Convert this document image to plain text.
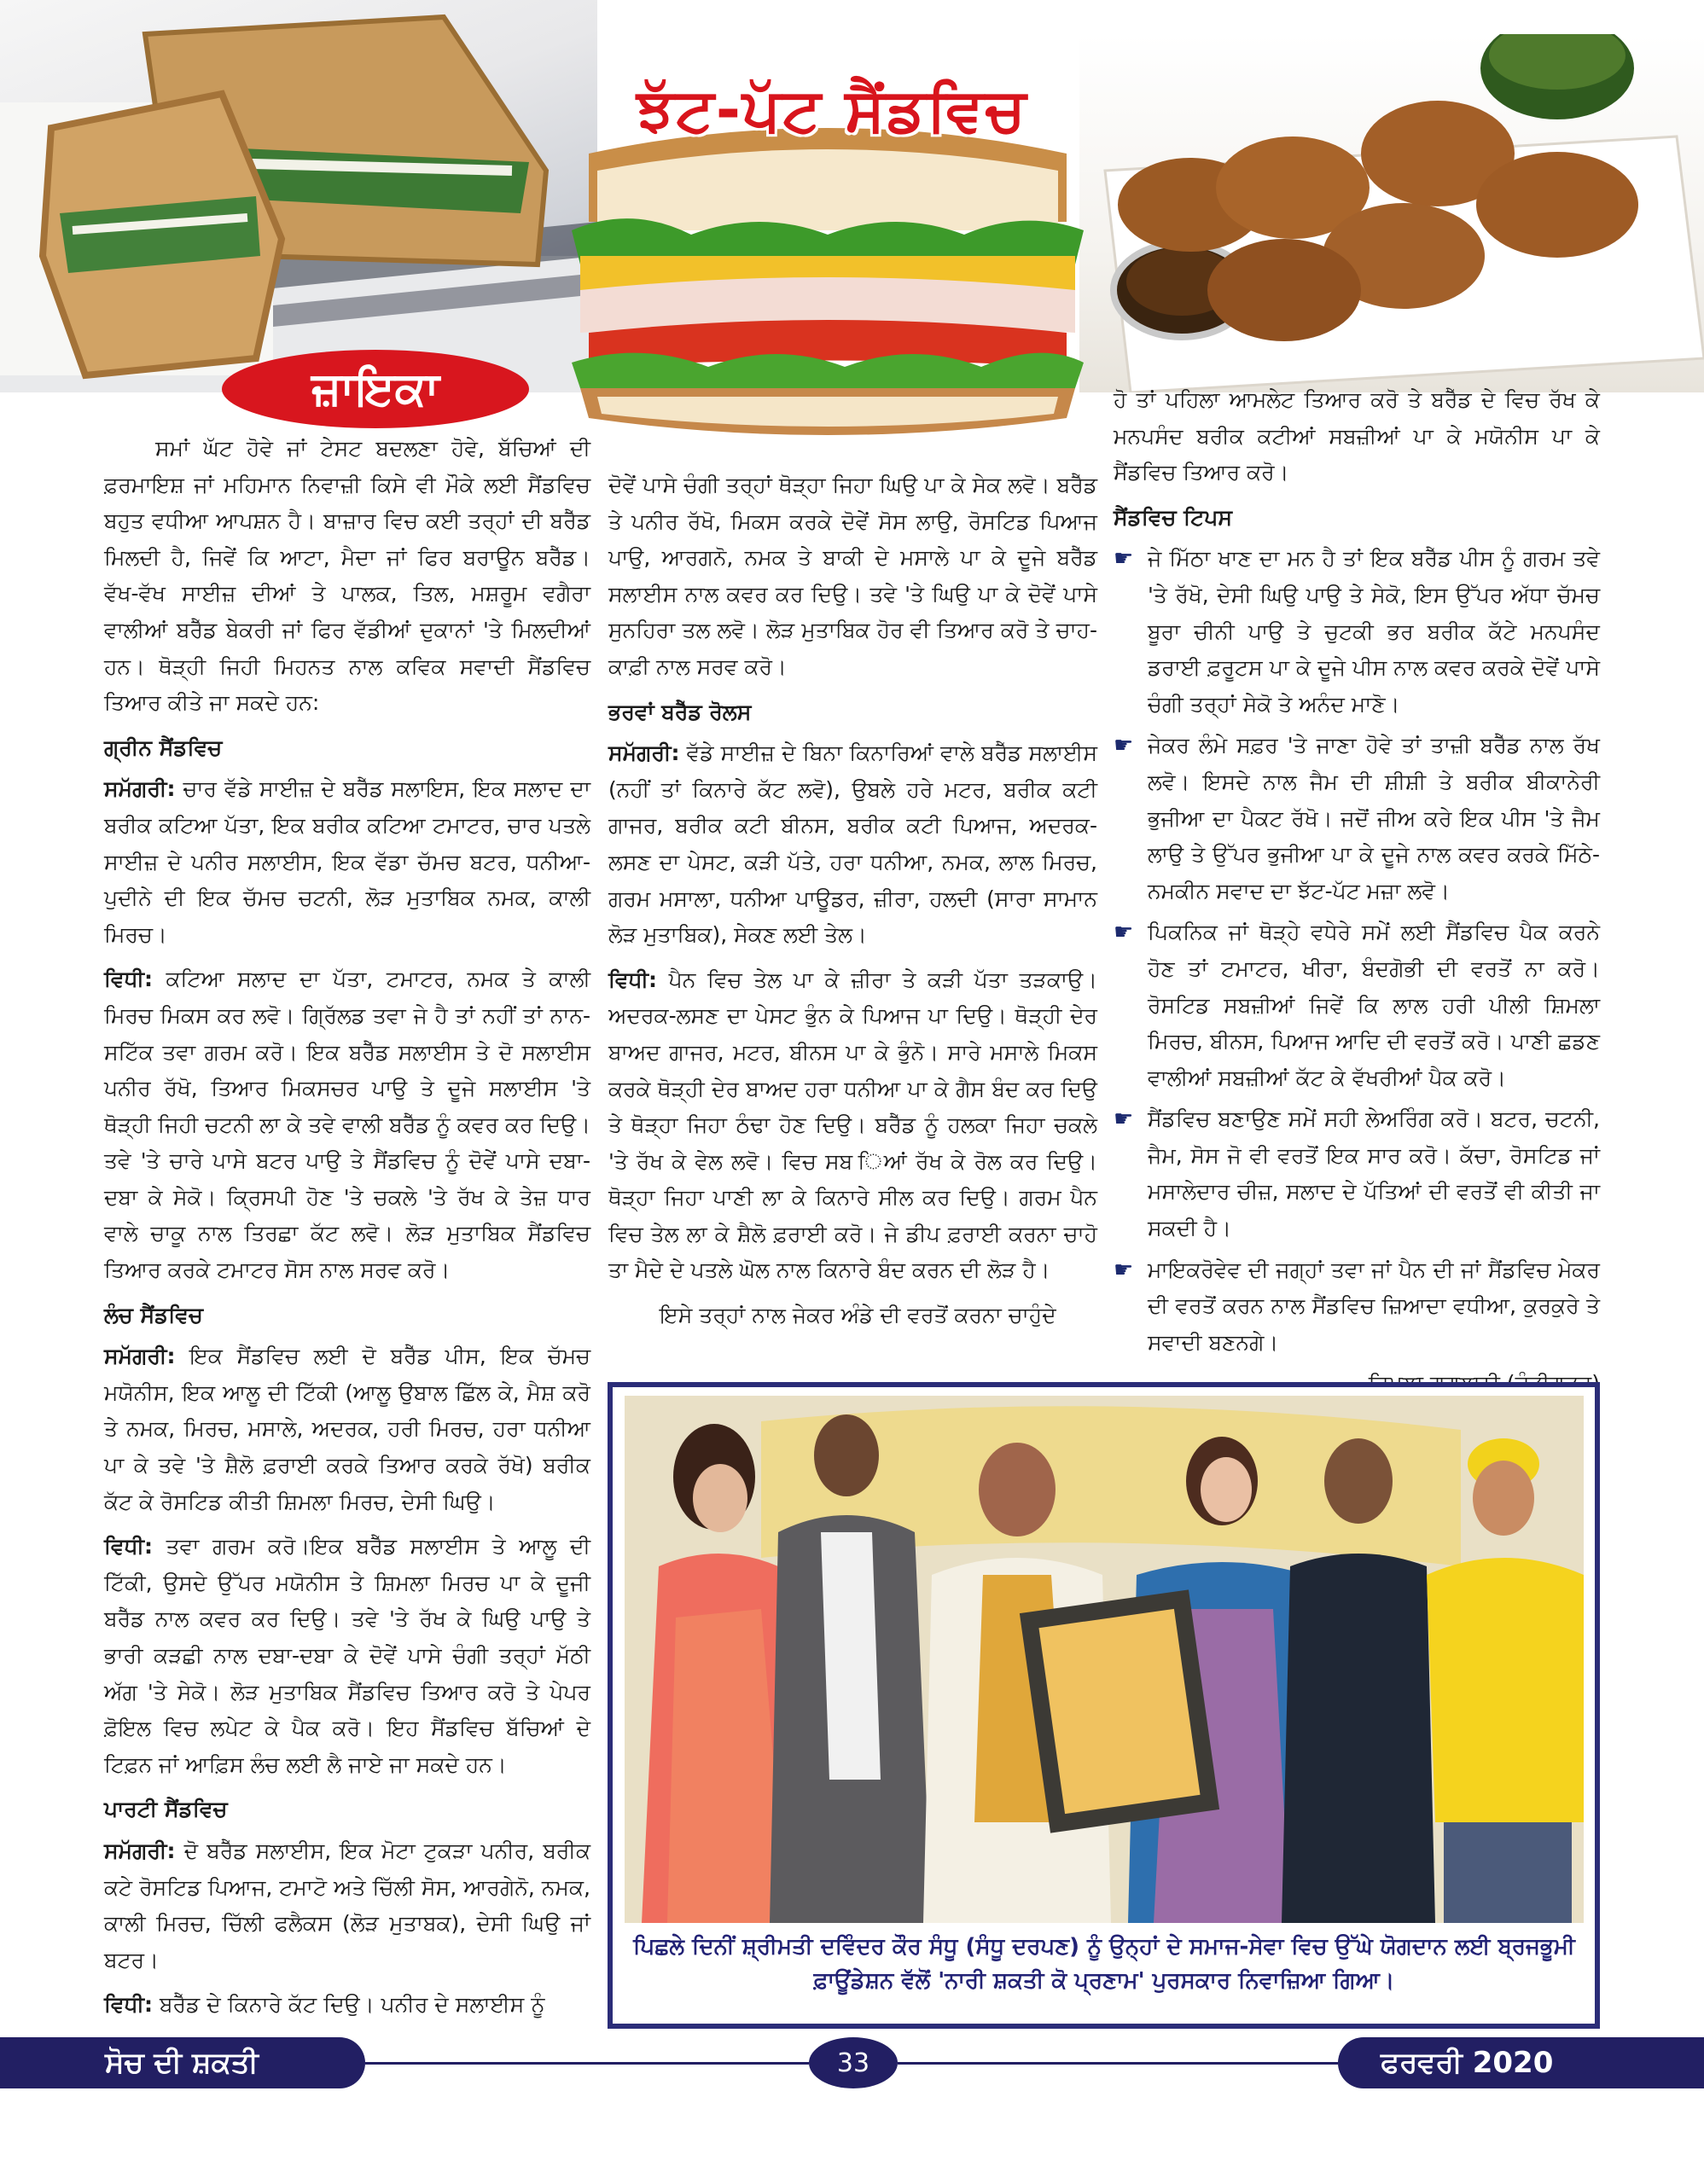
ਝੱਟ-ਪੱਟ ਸੈਂਡਵਿਚ
ਜ਼ਾਇਕਾ

ਸਮਾਂ ਘੱਟ ਹੋਵੇ ਜਾਂ ਟੇਸਟ ਬਦਲਣਾ ਹੋਵੇ, ਬੱਚਿਆਂ ਦੀ ਫ਼ਰਮਾਇਸ਼ ਜਾਂ ਮਹਿਮਾਨ ਨਿਵਾਜ਼ੀ ਕਿਸੇ ਵੀ ਮੌਕੇ ਲਈ ਸੈਂਡਵਿਚ ਬਹੁਤ ਵਧੀਆ ਆਪਸ਼ਨ ਹੈ। ਬਾਜ਼ਾਰ ਵਿਚ ਕਈ ਤਰ੍ਹਾਂ ਦੀ ਬਰੈੱਡ ਮਿਲਦੀ ਹੈ, ਜਿਵੇਂ ਕਿ ਆਟਾ, ਮੈਦਾ ਜਾਂ ਫਿਰ ਬਰਾਊਨ ਬਰੈੱਡ। ਵੱਖ-ਵੱਖ ਸਾਈਜ਼ ਦੀਆਂ ਤੇ ਪਾਲਕ, ਤਿਲ, ਮਸ਼ਰੂਮ ਵਗੈਰਾ ਵਾਲੀਆਂ ਬਰੈੱਡ ਬੇਕਰੀ ਜਾਂ ਫਿਰ ਵੱਡੀਆਂ ਦੁਕਾਨਾਂ 'ਤੇ ਮਿਲਦੀਆਂ ਹਨ। ਥੋੜ੍ਹੀ ਜਿਹੀ ਮਿਹਨਤ ਨਾਲ ਕਵਿਕ ਸਵਾਦੀ ਸੈਂਡਵਿਚ ਤਿਆਰ ਕੀਤੇ ਜਾ ਸਕਦੇ ਹਨ:

ਗ੍ਰੀਨ ਸੈਂਡਵਿਚ

ਸਮੱਗਰੀ: ਚਾਰ ਵੱਡੇ ਸਾਈਜ਼ ਦੇ ਬਰੈੱਡ ਸਲਾਇਸ, ਇਕ ਸਲਾਦ ਦਾ ਬਰੀਕ ਕਟਿਆ ਪੱਤਾ, ਇਕ ਬਰੀਕ ਕਟਿਆ ਟਮਾਟਰ, ਚਾਰ ਪਤਲੇ ਸਾਈਜ਼ ਦੇ ਪਨੀਰ ਸਲਾਈਸ, ਇਕ ਵੱਡਾ ਚੱਮਚ ਬਟਰ, ਧਨੀਆ-ਪੁਦੀਨੇ ਦੀ ਇਕ ਚੱਮਚ ਚਟਨੀ, ਲੋੜ ਮੁਤਾਬਿਕ ਨਮਕ, ਕਾਲੀ ਮਿਰਚ।

ਵਿਧੀ: ਕਟਿਆ ਸਲਾਦ ਦਾ ਪੱਤਾ, ਟਮਾਟਰ, ਨਮਕ ਤੇ ਕਾਲੀ ਮਿਰਚ ਮਿਕਸ ਕਰ ਲਵੋ। ਗ੍ਰਿੱਲਡ ਤਵਾ ਜੇ ਹੈ ਤਾਂ ਨਹੀਂ ਤਾਂ ਨਾਨ-ਸਟਿੱਕ ਤਵਾ ਗਰਮ ਕਰੋ। ਇਕ ਬਰੈੱਡ ਸਲਾਈਸ ਤੇ ਦੋ ਸਲਾਈਸ ਪਨੀਰ ਰੱਖੋ, ਤਿਆਰ ਮਿਕਸਚਰ ਪਾਉ ਤੇ ਦੂਜੇ ਸਲਾਈਸ 'ਤੇ ਥੋੜ੍ਹੀ ਜਿਹੀ ਚਟਨੀ ਲਾ ਕੇ ਤਵੇ ਵਾਲੀ ਬਰੈੱਡ ਨੂੰ ਕਵਰ ਕਰ ਦਿਉ। ਤਵੇ 'ਤੇ ਚਾਰੇ ਪਾਸੇ ਬਟਰ ਪਾਉ ਤੇ ਸੈਂਡਵਿਚ ਨੂੰ ਦੋਵੇਂ ਪਾਸੇ ਦਬਾ-ਦਬਾ ਕੇ ਸੇਕੋ। ਕ੍ਰਿਸਪੀ ਹੋਣ 'ਤੇ ਚਕਲੇ 'ਤੇ ਰੱਖ ਕੇ ਤੇਜ਼ ਧਾਰ ਵਾਲੇ ਚਾਕੂ ਨਾਲ ਤਿਰਛਾ ਕੱਟ ਲਵੋ। ਲੋੜ ਮੁਤਾਬਿਕ ਸੈਂਡਵਿਚ ਤਿਆਰ ਕਰਕੇ ਟਮਾਟਰ ਸੋਸ ਨਾਲ ਸਰਵ ਕਰੋ।

ਲੰਚ ਸੈਂਡਵਿਚ

ਸਮੱਗਰੀ: ਇਕ ਸੈਂਡਵਿਚ ਲਈ ਦੋ ਬਰੈੱਡ ਪੀਸ, ਇਕ ਚੱਮਚ ਮਯੋਨੀਸ, ਇਕ ਆਲੂ ਦੀ ਟਿੱਕੀ (ਆਲੂ ਉਬਾਲ ਛਿੱਲ ਕੇ, ਮੈਸ਼ ਕਰੋ ਤੇ ਨਮਕ, ਮਿਰਚ, ਮਸਾਲੇ, ਅਦਰਕ, ਹਰੀ ਮਿਰਚ, ਹਰਾ ਧਨੀਆ ਪਾ ਕੇ ਤਵੇ 'ਤੇ ਸ਼ੈਲੋ ਫ਼ਰਾਈ ਕਰਕੇ ਤਿਆਰ ਕਰਕੇ ਰੱਖੋ) ਬਰੀਕ ਕੱਟ ਕੇ ਰੋਸਟਿਡ ਕੀਤੀ ਸ਼ਿਮਲਾ ਮਿਰਚ, ਦੇਸੀ ਘਿਉ।

ਵਿਧੀ: ਤਵਾ ਗਰਮ ਕਰੋ।ਇਕ ਬਰੈੱਡ ਸਲਾਈਸ ਤੇ ਆਲੂ ਦੀ ਟਿੱਕੀ, ਉਸਦੇ ਉੱਪਰ ਮਯੋਨੀਸ ਤੇ ਸ਼ਿਮਲਾ ਮਿਰਚ ਪਾ ਕੇ ਦੂਜੀ ਬਰੈੱਡ ਨਾਲ ਕਵਰ ਕਰ ਦਿਉ। ਤਵੇ 'ਤੇ ਰੱਖ ਕੇ ਘਿਉ ਪਾਉ ਤੇ ਭਾਰੀ ਕੜਛੀ ਨਾਲ ਦਬਾ-ਦਬਾ ਕੇ ਦੋਵੇਂ ਪਾਸੇ ਚੰਗੀ ਤਰ੍ਹਾਂ ਮੱਠੀ ਅੱਗ 'ਤੇ ਸੇਕੋ। ਲੋੜ ਮੁਤਾਬਿਕ ਸੈਂਡਵਿਚ ਤਿਆਰ ਕਰੋ ਤੇ ਪੇਪਰ ਫ਼ੋਇਲ ਵਿਚ ਲਪੇਟ ਕੇ ਪੈਕ ਕਰੋ। ਇਹ ਸੈਂਡਵਿਚ ਬੱਚਿਆਂ ਦੇ ਟਿਫ਼ਨ ਜਾਂ ਆਫ਼ਿਸ ਲੰਚ ਲਈ ਲੈ ਜਾਏ ਜਾ ਸਕਦੇ ਹਨ।

ਪਾਰਟੀ ਸੈਂਡਵਿਚ

ਸਮੱਗਰੀ: ਦੋ ਬਰੈੱਡ ਸਲਾਈਸ, ਇਕ ਮੋਟਾ ਟੁਕੜਾ ਪਨੀਰ, ਬਰੀਕ ਕਟੇ ਰੋਸਟਿਡ ਪਿਆਜ, ਟਮਾਟੋ ਅਤੇ ਚਿੱਲੀ ਸੋਸ, ਆਰਗੇਨੋ, ਨਮਕ, ਕਾਲੀ ਮਿਰਚ, ਚਿੱਲੀ ਫਲੈਕਸ (ਲੋੜ ਮੁਤਾਬਕ), ਦੇਸੀ ਘਿਉ ਜਾਂ ਬਟਰ।

ਵਿਧੀ: ਬਰੈੱਡ ਦੇ ਕਿਨਾਰੇ ਕੱਟ ਦਿਉ। ਪਨੀਰ ਦੇ ਸਲਾਈਸ ਨੂੰ

ਦੋਵੇਂ ਪਾਸੇ ਚੰਗੀ ਤਰ੍ਹਾਂ ਥੋੜ੍ਹਾ ਜਿਹਾ ਘਿਉ ਪਾ ਕੇ ਸੇਕ ਲਵੋ। ਬਰੈੱਡ ਤੇ ਪਨੀਰ ਰੱਖੋ, ਮਿਕਸ ਕਰਕੇ ਦੋਵੇਂ ਸੋਸ ਲਾਉ, ਰੋਸਟਿਡ ਪਿਆਜ ਪਾਉ, ਆਰਗਨੋ, ਨਮਕ ਤੇ ਬਾਕੀ ਦੇ ਮਸਾਲੇ ਪਾ ਕੇ ਦੂਜੇ ਬਰੈੱਡ ਸਲਾਈਸ ਨਾਲ ਕਵਰ ਕਰ ਦਿਉ। ਤਵੇ 'ਤੇ ਘਿਉ ਪਾ ਕੇ ਦੋਵੇਂ ਪਾਸੇ ਸੁਨਹਿਰਾ ਤਲ ਲਵੋ। ਲੋੜ ਮੁਤਾਬਿਕ ਹੋਰ ਵੀ ਤਿਆਰ ਕਰੋ ਤੇ ਚਾਹ-ਕਾਫ਼ੀ ਨਾਲ ਸਰਵ ਕਰੋ।

ਭਰਵਾਂ ਬਰੈੱਡ ਰੋਲਸ

ਸਮੱਗਰੀ: ਵੱਡੇ ਸਾਈਜ਼ ਦੇ ਬਿਨਾ ਕਿਨਾਰਿਆਂ ਵਾਲੇ ਬਰੈੱਡ ਸਲਾਈਸ (ਨਹੀਂ ਤਾਂ ਕਿਨਾਰੇ ਕੱਟ ਲਵੋ), ਉਬਲੇ ਹਰੇ ਮਟਰ, ਬਰੀਕ ਕਟੀ ਗਾਜਰ, ਬਰੀਕ ਕਟੀ ਬੀਨਸ, ਬਰੀਕ ਕਟੀ ਪਿਆਜ, ਅਦਰਕ-ਲਸਣ ਦਾ ਪੇਸਟ, ਕੜੀ ਪੱਤੇ, ਹਰਾ ਧਨੀਆ, ਨਮਕ, ਲਾਲ ਮਿਰਚ, ਗਰਮ ਮਸਾਲਾ, ਧਨੀਆ ਪਾਊਡਰ, ਜ਼ੀਰਾ, ਹਲਦੀ (ਸਾਰਾ ਸਾਮਾਨ ਲੋੜ ਮੁਤਾਬਿਕ), ਸੇਕਣ ਲਈ ਤੇਲ।

ਵਿਧੀ: ਪੈਨ ਵਿਚ ਤੇਲ ਪਾ ਕੇ ਜ਼ੀਰਾ ਤੇ ਕੜੀ ਪੱਤਾ ਤੜਕਾਉ। ਅਦਰਕ-ਲਸਣ ਦਾ ਪੇਸਟ ਭੁੰਨ ਕੇ ਪਿਆਜ ਪਾ ਦਿਉ। ਥੋੜ੍ਹੀ ਦੇਰ ਬਾਅਦ ਗਾਜਰ, ਮਟਰ, ਬੀਨਸ ਪਾ ਕੇ ਭੁੰਨੋ। ਸਾਰੇ ਮਸਾਲੇ ਮਿਕਸ ਕਰਕੇ ਥੋੜ੍ਹੀ ਦੇਰ ਬਾਅਦ ਹਰਾ ਧਨੀਆ ਪਾ ਕੇ ਗੈਸ ਬੰਦ ਕਰ ਦਿਉ ਤੇ ਥੋੜ੍ਹਾ ਜਿਹਾ ਠੰਢਾ ਹੋਣ ਦਿਉ। ਬਰੈੱਡ ਨੂੰ ਹਲਕਾ ਜਿਹਾ ਚਕਲੇ 'ਤੇ ਰੱਖ ਕੇ ਵੇਲ ਲਵੋ। ਵਿਚ ਸਬ ਿਆਂ ਰੱਖ ਕੇ ਰੋਲ ਕਰ ਦਿਉ। ਥੋੜ੍ਹਾ ਜਿਹਾ ਪਾਣੀ ਲਾ ਕੇ ਕਿਨਾਰੇ ਸੀਲ ਕਰ ਦਿਉ। ਗਰਮ ਪੈਨ ਵਿਚ ਤੇਲ ਲਾ ਕੇ ਸ਼ੈਲੋ ਫ਼ਰਾਈ ਕਰੋ। ਜੇ ਡੀਪ ਫ਼ਰਾਈ ਕਰਨਾ ਚਾਹੋ ਤਾ ਮੈਦੇ ਦੇ ਪਤਲੇ ਘੋਲ ਨਾਲ ਕਿਨਾਰੇ ਬੰਦ ਕਰਨ ਦੀ ਲੋੜ ਹੈ।

ਇਸੇ ਤਰ੍ਹਾਂ ਨਾਲ ਜੇਕਰ ਅੰਡੇ ਦੀ ਵਰਤੋਂ ਕਰਨਾ ਚਾਹੁੰਦੇ

ਹੋ ਤਾਂ ਪਹਿਲਾ ਆਮਲੇਟ ਤਿਆਰ ਕਰੋ ਤੇ ਬਰੈੱਡ ਦੇ ਵਿਚ ਰੱਖ ਕੇ ਮਨਪਸੰਦ ਬਰੀਕ ਕਟੀਆਂ ਸਬਜ਼ੀਆਂ ਪਾ ਕੇ ਮਯੋਨੀਸ ਪਾ ਕੇ ਸੈਂਡਵਿਚ ਤਿਆਰ ਕਰੋ।

ਸੈਂਡਵਿਚ ਟਿਪਸ
☛ ਜੇ ਮਿੱਠਾ ਖਾਣ ਦਾ ਮਨ ਹੈ ਤਾਂ ਇਕ ਬਰੈੱਡ ਪੀਸ ਨੂੰ ਗਰਮ ਤਵੇ 'ਤੇ ਰੱਖੋ, ਦੇਸੀ ਘਿਉ ਪਾਉ ਤੇ ਸੇਕੋ, ਇਸ ਉੱਪਰ ਅੱਧਾ ਚੱਮਚ ਬੂਰਾ ਚੀਨੀ ਪਾਉ ਤੇ ਚੁਟਕੀ ਭਰ ਬਰੀਕ ਕੱਟੇ ਮਨਪਸੰਦ ਡਰਾਈ ਫ਼ਰੂਟਸ ਪਾ ਕੇ ਦੂਜੇ ਪੀਸ ਨਾਲ ਕਵਰ ਕਰਕੇ ਦੋਵੇਂ ਪਾਸੇ ਚੰਗੀ ਤਰ੍ਹਾਂ ਸੇਕੋ ਤੇ ਅਨੰਦ ਮਾਣੋ।
☛ ਜੇਕਰ ਲੰਮੇ ਸਫ਼ਰ 'ਤੇ ਜਾਣਾ ਹੋਵੇ ਤਾਂ ਤਾਜ਼ੀ ਬਰੈੱਡ ਨਾਲ ਰੱਖ ਲਵੋ। ਇਸਦੇ ਨਾਲ ਜੈਮ ਦੀ ਸ਼ੀਸ਼ੀ ਤੇ ਬਰੀਕ ਬੀਕਾਨੇਰੀ ਭੁਜੀਆ ਦਾ ਪੈਕਟ ਰੱਖੋ। ਜਦੋਂ ਜੀਅ ਕਰੇ ਇਕ ਪੀਸ 'ਤੇ ਜੈਮ ਲਾਉ ਤੇ ਉੱਪਰ ਭੁਜੀਆ ਪਾ ਕੇ ਦੂਜੇ ਨਾਲ ਕਵਰ ਕਰਕੇ ਮਿੱਠੇ-ਨਮਕੀਨ ਸਵਾਦ ਦਾ ਝੱਟ-ਪੱਟ ਮਜ਼ਾ ਲਵੋ।
☛ ਪਿਕਨਿਕ ਜਾਂ ਥੋੜ੍ਹੇ ਵਧੇਰੇ ਸਮੇਂ ਲਈ ਸੈਂਡਵਿਚ ਪੈਕ ਕਰਨੇ ਹੋਣ ਤਾਂ ਟਮਾਟਰ, ਖੀਰਾ, ਬੰਦਗੋਭੀ ਦੀ ਵਰਤੋਂ ਨਾ ਕਰੋ। ਰੋਸਟਿਡ ਸਬਜ਼ੀਆਂ ਜਿਵੇਂ ਕਿ ਲਾਲ ਹਰੀ ਪੀਲੀ ਸ਼ਿਮਲਾ ਮਿਰਚ, ਬੀਨਸ, ਪਿਆਜ ਆਦਿ ਦੀ ਵਰਤੋਂ ਕਰੋ। ਪਾਣੀ ਛਡਣ ਵਾਲੀਆਂ ਸਬਜ਼ੀਆਂ ਕੱਟ ਕੇ ਵੱਖਰੀਆਂ ਪੈਕ ਕਰੋ।
☛ ਸੈਂਡਵਿਚ ਬਣਾਉਣ ਸਮੇਂ ਸਹੀ ਲੇਅਰਿੰਗ ਕਰੋ। ਬਟਰ, ਚਟਨੀ, ਜੈਮ, ਸੋਸ ਜੋ ਵੀ ਵਰਤੋਂ ਇਕ ਸਾਰ ਕਰੋ। ਕੱਚਾ, ਰੋਸਟਿਡ ਜਾਂ ਮਸਾਲੇਦਾਰ ਚੀਜ਼, ਸਲਾਦ ਦੇ ਪੱਤਿਆਂ ਦੀ ਵਰਤੋਂ ਵੀ ਕੀਤੀ ਜਾ ਸਕਦੀ ਹੈ।
☛ ਮਾਇਕਰੋਵੇਵ ਦੀ ਜਗ੍ਹਾਂ ਤਵਾ ਜਾਂ ਪੈਨ ਦੀ ਜਾਂ ਸੈਂਡਵਿਚ ਮੇਕਰ ਦੀ ਵਰਤੋਂ ਕਰਨ ਨਾਲ ਸੈਂਡਵਿਚ ਜ਼ਿਆਦਾ ਵਧੀਆ, ਕੁਰਕੁਰੇ ਤੇ ਸਵਾਦੀ ਬਣਨਗੇ।
ਪਿਛਲੇ ਦਿਨੀਂ ਸ਼੍ਰੀਮਤੀ ਦਵਿੰਦਰ ਕੌਰ ਸੰਧੂ (ਸੰਧੂ ਦਰਪਣ) ਨੂੰ ਉਨ੍ਹਾਂ ਦੇ ਸਮਾਜ-ਸੇਵਾ ਵਿਚ ਉੱਘੇ ਯੋਗਦਾਨ ਲਈ ਬ੍ਰਜਭੂਮੀ ਫ਼ਾਊਂਡੇਸ਼ਨ ਵੱਲੋਂ 'ਨਾਰੀ ਸ਼ਕਤੀ ਕੋ ਪ੍ਰਣਾਮ' ਪੁਰਸਕਾਰ ਨਿਵਾਜ਼ਿਆ ਗਿਆ।
ਸੋਚ ਦੀ ਸ਼ਕਤੀ	33	ਫਰਵਰੀ 2020
